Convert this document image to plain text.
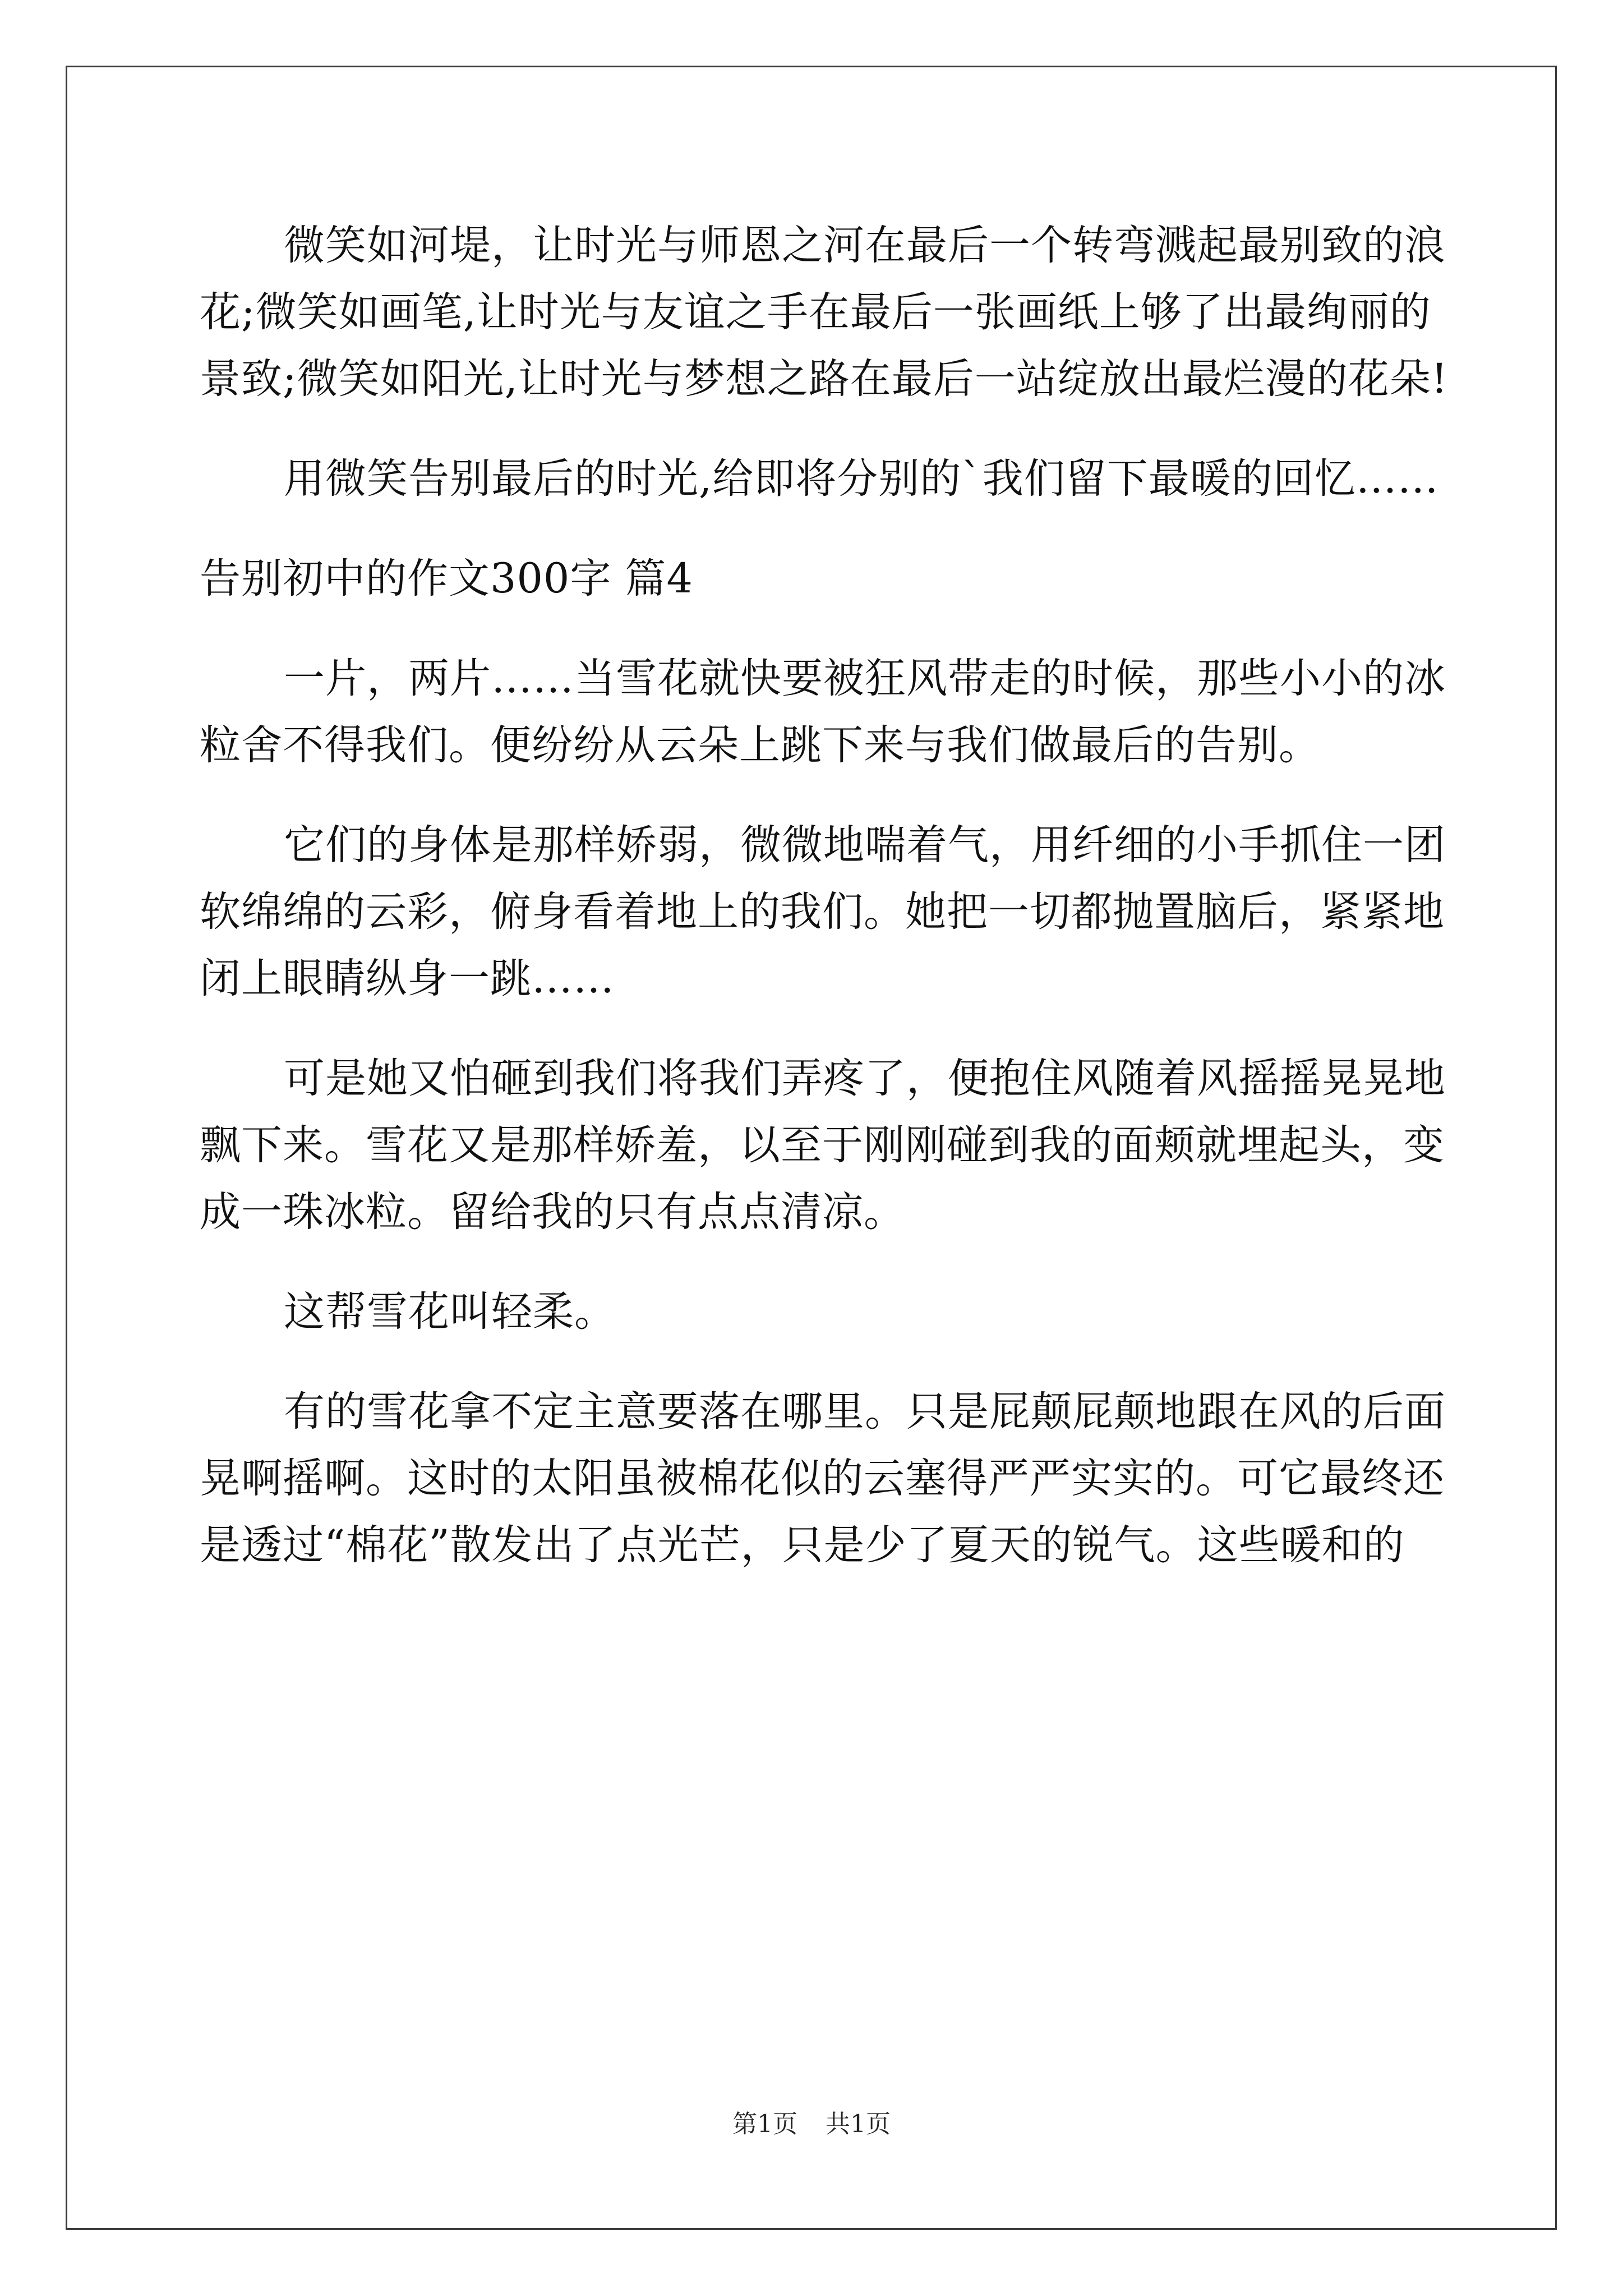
微笑如河堤，让时光与师恩之河在最后一个转弯溅起最别致的浪
花;微笑如画笔,让时光与友谊之手在最后一张画纸上够了出最绚丽的
景致;微笑如阳光,让时光与梦想之路在最后一站绽放出最烂漫的花朵!
用微笑告别最后的时光,给即将分别的`我们留下最暖的回忆……
告别初中的作文300字 篇4
一片，两片……当雪花就快要被狂风带走的时候，那些小小的冰
粒舍不得我们。便纷纷从云朵上跳下来与我们做最后的告别。
它们的身体是那样娇弱，微微地喘着气，用纤细的小手抓住一团
软绵绵的云彩，俯身看着地上的我们。她把一切都抛置脑后，紧紧地
闭上眼睛纵身一跳……
可是她又怕砸到我们将我们弄疼了，便抱住风随着风摇摇晃晃地
飘下来。雪花又是那样娇羞，以至于刚刚碰到我的面颊就埋起头，变
成一珠冰粒。留给我的只有点点清凉。
这帮雪花叫轻柔。
有的雪花拿不定主意要落在哪里。只是屁颠屁颠地跟在风的后面
晃啊摇啊。这时的太阳虽被棉花似的云塞得严严实实的。可它最终还
是透过“棉花”散发出了点光芒，只是少了夏天的锐气。这些暖和的
第1页 共1页
